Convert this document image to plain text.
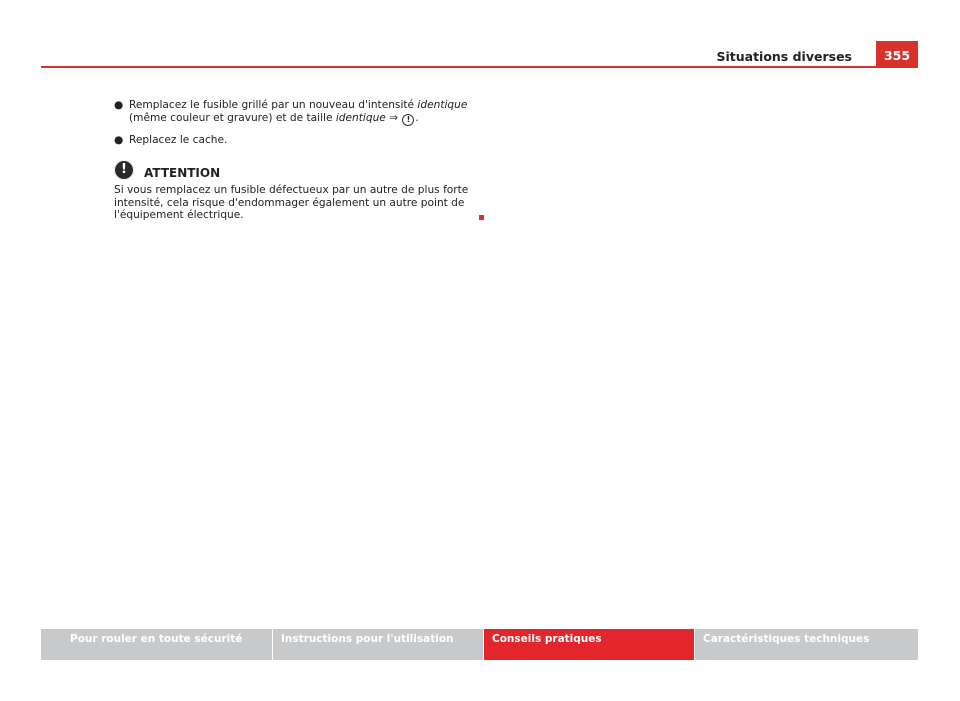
Situations diverses	355
● Remplacez le fusible grillé par un nouveau d'intensité identique (même couleur et gravure) et de taille identique ⇒ ! .
● Replacez le cache.
!	ATTENTION
Si vous remplacez un fusible défectueux par un autre de plus forte intensité, cela risque d'endommager également un autre point de l'équipement électrique.
Pour rouler en toute sécurité	Instructions pour l'utilisation	Conseils pratiques	Caractéristiques techniques
